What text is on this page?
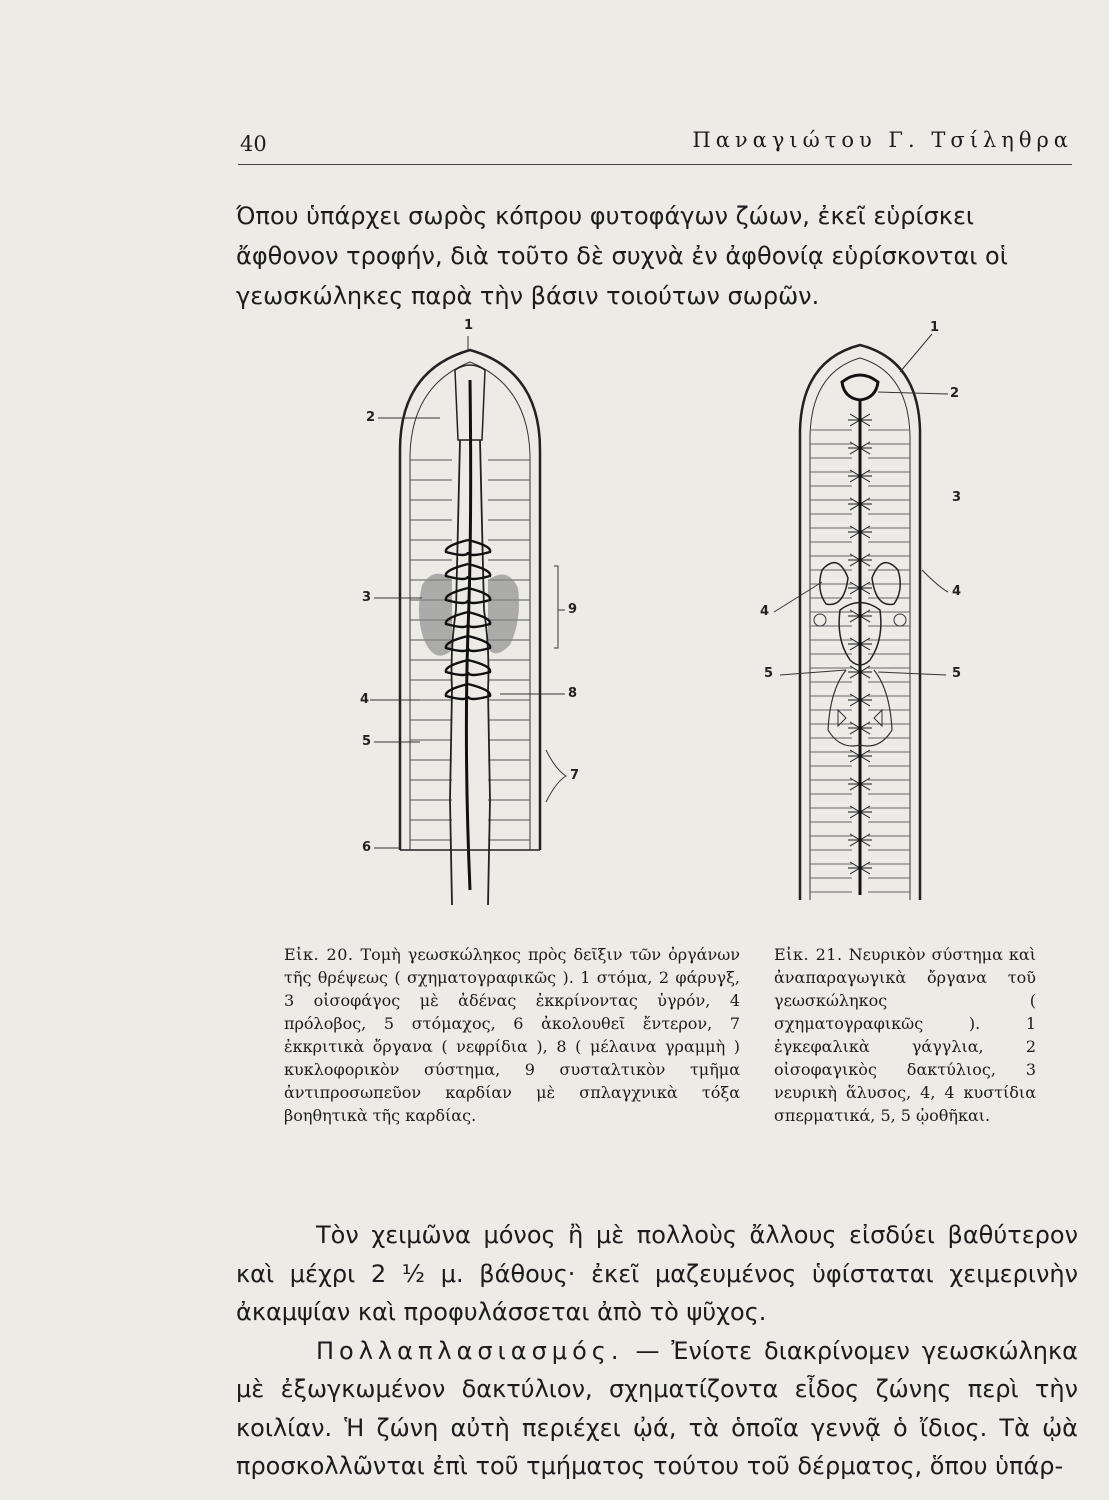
40	Παναγιώτου Γ. Τσίληθρα

Όπου ὑπάρχει σωρὸς κόπρου φυτοφάγων ζώων, ἐκεῖ εὑρίσκει ἄφθονον τροφήν, διὰ τοῦτο δὲ συχνὰ ἐν ἀφθονίᾳ εὑρίσκονται οἱ γεωσκώληκες παρὰ τὴν βάσιν τοιούτων σωρῶν.

1
2
3
4
5
6
7
8
9
1
2
3
4
4
5	5
Εἰκ. 20. Τομὴ γεωσκώληκος πρὸς δεῖξιν τῶν ὀργάνων τῆς θρέψεως ( σχηματογραφικῶς ). 1 στόμα, 2 φάρυγξ, 3 οἰσοφάγος μὲ ἀδένας ἐκκρίνοντας ὑγρόν, 4 πρόλοβος, 5 στόμαχος, 6 ἀκολουθεῖ ἔντερον, 7 ἐκκριτικὰ ὄργανα ( νεφρίδια ), 8 ( μέλαινα γραμμὴ ) κυκλοφορικὸν σύστημα, 9 συσταλτικὸν τμῆμα ἀντιπροσωπεῦον καρδίαν μὲ σπλαγχνικὰ τόξα βοηθητικὰ τῆς καρδίας.
Εἰκ. 21. Νευρικὸν σύστημα καὶ ἀναπαραγωγικὰ ὄργανα τοῦ γεωσκώληκος ( σχηματογραφικῶς ). 1 ἐγκεφαλικὰ γάγγλια, 2 οἰσοφαγικὸς δακτύλιος, 3 νευρικὴ ἅλυσος, 4, 4 κυστίδια σπερματικά, 5, 5 ᾠοθῆκαι.

Τὸν χειμῶνα μόνος ἢ μὲ πολλοὺς ἄλλους εἰσδύει βαθύτερον καὶ μέχρι 2 ½ μ. βάθους· ἐκεῖ μαζευμένος ὑφίσταται χειμερινὴν ἀκαμψίαν καὶ προφυλάσσεται ἀπὸ τὸ ψῦχος.

Πολλαπλασιασμός. — Ἐνίοτε διακρίνομεν γεωσκώληκα μὲ ἐξωγκωμένον δακτύλιον, σχηματίζοντα εἶδος ζώνης περὶ τὴν κοιλίαν. Ἡ ζώνη αὐτὴ περιέχει ᾠά, τὰ ὁποῖα γεννᾷ ὁ ἴδιος. Τὰ ᾠὰ προσκολλῶνται ἐπὶ τοῦ τμήματος τούτου τοῦ δέρματος, ὅπου ὑπάρ-
